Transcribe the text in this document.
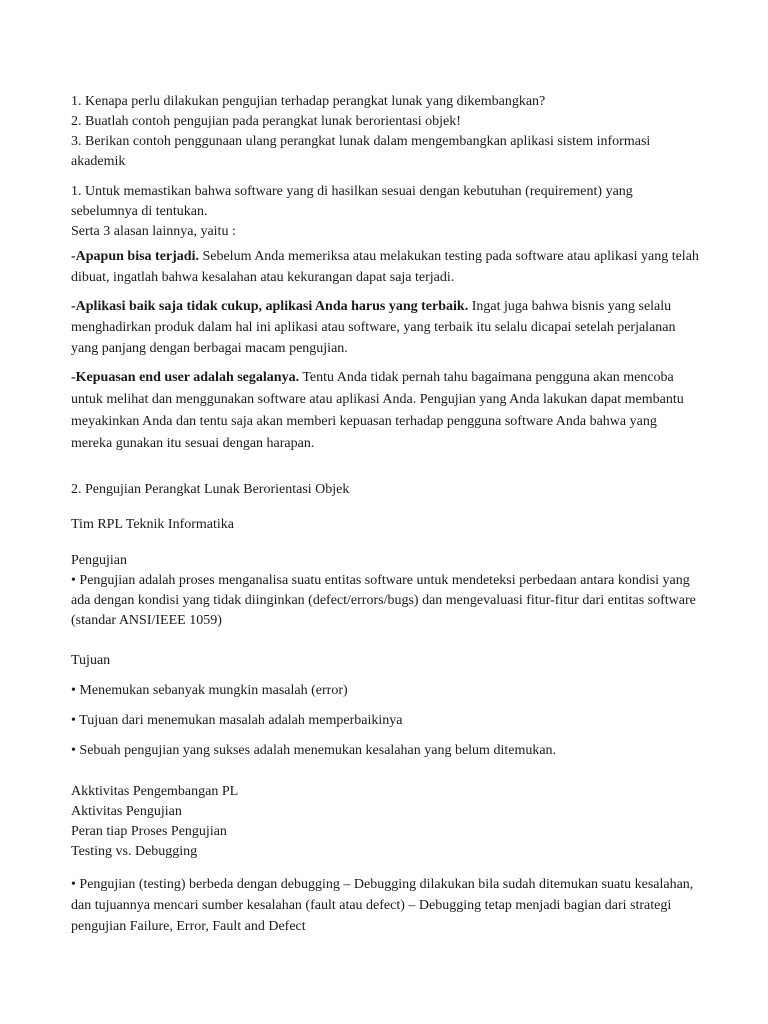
1. Kenapa perlu dilakukan pengujian terhadap perangkat lunak yang dikembangkan?

2. Buatlah contoh pengujian pada perangkat lunak berorientasi objek!

3. Berikan contoh penggunaan ulang perangkat lunak dalam mengembangkan aplikasi sistem informasi akademik

1. Untuk memastikan bahwa software yang di hasilkan sesuai dengan kebutuhan (requirement) yang sebelumnya di tentukan.

Serta 3 alasan lainnya, yaitu :

-Apapun bisa terjadi. Sebelum Anda memeriksa atau melakukan testing pada software atau aplikasi yang telah dibuat, ingatlah bahwa kesalahan atau kekurangan dapat saja terjadi.

-Aplikasi baik saja tidak cukup, aplikasi Anda harus yang terbaik. Ingat juga bahwa bisnis yang selalu menghadirkan produk dalam hal ini aplikasi atau software, yang terbaik itu selalu dicapai setelah perjalanan yang panjang dengan berbagai macam pengujian.

-Kepuasan end user adalah segalanya. Tentu Anda tidak pernah tahu bagaimana pengguna akan mencoba untuk melihat dan menggunakan software atau aplikasi Anda. Pengujian yang Anda lakukan dapat membantu meyakinkan Anda dan tentu saja akan memberi kepuasan terhadap pengguna software Anda bahwa yang mereka gunakan itu sesuai dengan harapan.

2. Pengujian Perangkat Lunak Berorientasi Objek
Tim RPL Teknik Informatika

Pengujian

• Pengujian adalah proses menganalisa suatu entitas software untuk mendeteksi perbedaan antara kondisi yang ada dengan kondisi yang tidak diinginkan (defect/errors/bugs) dan mengevaluasi fitur-fitur dari entitas software (standar ANSI/IEEE 1059)

Tujuan
• Menemukan sebanyak mungkin masalah (error)
• Tujuan dari menemukan masalah adalah memperbaikinya
• Sebuah pengujian yang sukses adalah menemukan kesalahan yang belum ditemukan.

Akktivitas Pengembangan PL

Aktivitas Pengujian

Peran tiap Proses Pengujian

Testing vs. Debugging

• Pengujian (testing) berbeda dengan debugging – Debugging dilakukan bila sudah ditemukan suatu kesalahan, dan tujuannya mencari sumber kesalahan (fault atau defect) – Debugging tetap menjadi bagian dari strategi pengujian Failure, Error, Fault and Defect
